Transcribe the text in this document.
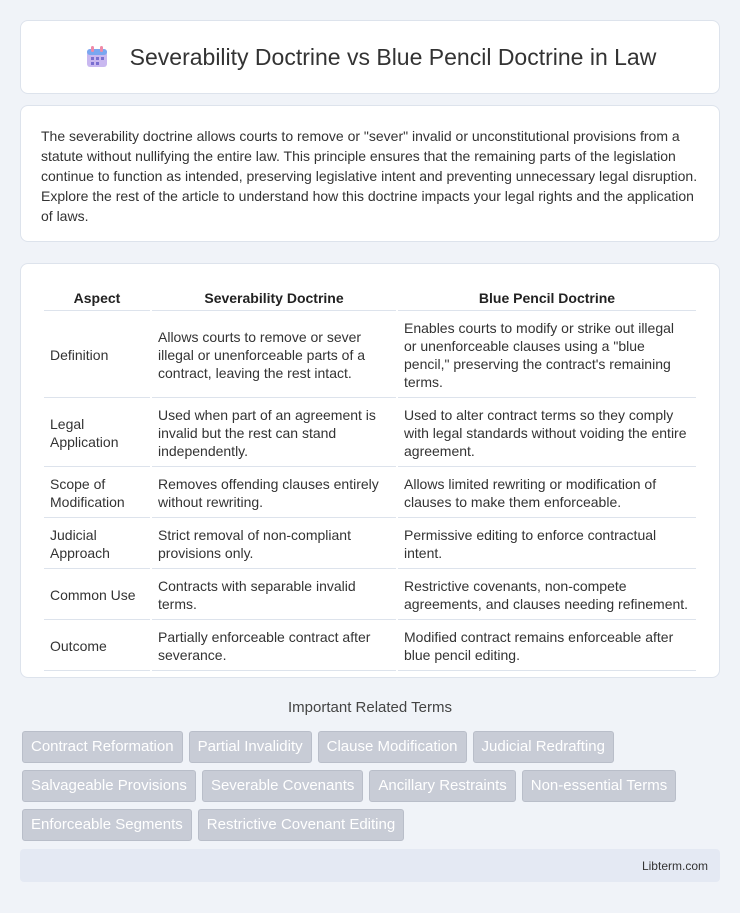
Severability Doctrine vs Blue Pencil Doctrine in Law

The severability doctrine allows courts to remove or "sever" invalid or unconstitutional provisions from a statute without nullifying the entire law. This principle ensures that the remaining parts of the legislation continue to function as intended, preserving legislative intent and preventing unnecessary legal disruption. Explore the rest of the article to understand how this doctrine impacts your legal rights and the application of laws.

Aspect	Severability Doctrine	Blue Pencil Doctrine
Definition	Allows courts to remove or sever illegal or unenforceable parts of a contract, leaving the rest intact.	Enables courts to modify or strike out illegal or unenforceable clauses using a "blue pencil," preserving the contract's remaining terms.
Legal Application	Used when part of an agreement is invalid but the rest can stand independently.	Used to alter contract terms so they comply with legal standards without voiding the entire agreement.
Scope of Modification	Removes offending clauses entirely without rewriting.	Allows limited rewriting or modification of clauses to make them enforceable.
Judicial Approach	Strict removal of non-compliant provisions only.	Permissive editing to enforce contractual intent.
Common Use	Contracts with separable invalid terms.	Restrictive covenants, non-compete agreements, and clauses needing refinement.
Outcome	Partially enforceable contract after severance.	Modified contract remains enforceable after blue pencil editing.
Important Related Terms
Contract Reformation	Partial Invalidity	Clause Modification	Judicial Redrafting
Salvageable Provisions	Severable Covenants	Ancillary Restraints	Non-essential Terms
Enforceable Segments	Restrictive Covenant Editing
Libterm.com
